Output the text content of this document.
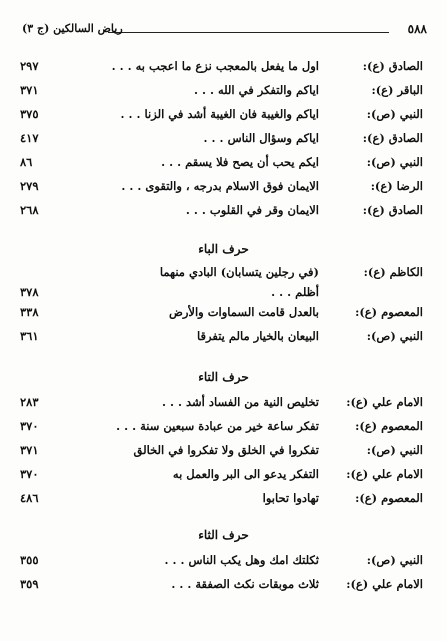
٥٨٨
رياض السالكين (ج ٣)
الصادق (ع):
اول ما يفعل بالمعجب نزع ما اعجب به . . .
٢٩٧
الباقر (ع):
اياكم والتفكر في الله . . .
٣٧١
النبي (ص):
اياكم والغيبة فان الغيبة أشد في الزنا . . .
٣٧٥
الصادق (ع):
اياكم وسؤال الناس . . .
٤١٧
النبي (ص):
ايكم يحب أن يصح فلا يسقم . . .
٨٦
الرضا (ع):
الايمان فوق الاسلام بدرجه ، والتقوى . . .
٢٧٩
الصادق (ع):
الايمان وقر في القلوب . . .
٢٦٨
حرف الباء
الكاظم (ع):
(في رجلين يتسابان) البادي منهما
أظلم . . .
٣٧٨
المعصوم (ع):
بالعدل قامت السماوات والأرض
٣٣٨
النبي (ص):
البيعان بالخيار مالم يتفرقا
٣٦١
حرف التاء
الامام علي (ع):
تخليص النية من الفساد أشد . . .
٢٨٣
المعصوم (ع):
تفكر ساعة خير من عبادة سبعين سنة . . .
٣٧٠
النبي (ص):
تفكروا في الخلق ولا تفكروا في الخالق
٣٧١
الامام علي (ع):
التفكر يدعو الى البر والعمل به
٣٧٠
المعصوم (ع):
تهادوا تحابوا
٤٨٦
حرف الثاء
النبي (ص):
ثكلتك امك وهل يكب الناس . . .
٣٥٥
الامام علي (ع):
ثلاث موبقات نكث الصفقة . . .
٣٥٩
